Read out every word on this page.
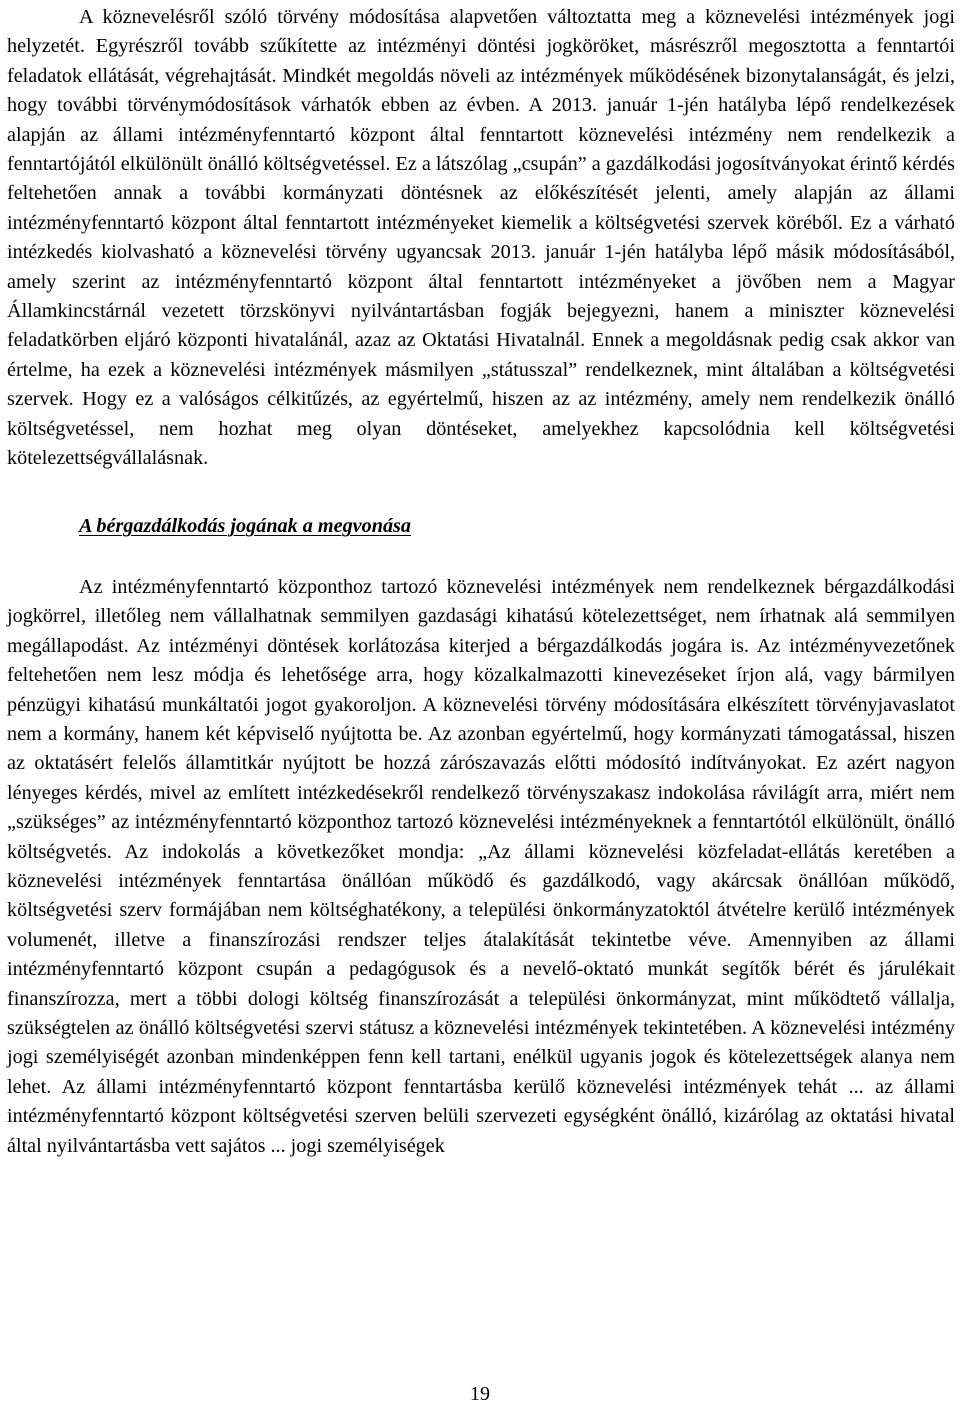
A köznevelésről szóló törvény módosítása alapvetően változtatta meg a köznevelési intézmények jogi helyzetét. Egyrészről tovább szűkítette az intézményi döntési jogköröket, másrészről megosztotta a fenntartói feladatok ellátását, végrehajtását. Mindkét megoldás növeli az intézmények működésének bizonytalanságát, és jelzi, hogy további törvénymódosítások várhatók ebben az évben. A 2013. január 1-jén hatályba lépő rendelkezések alapján az állami intézményfenntartó központ által fenntartott köznevelési intézmény nem rendelkezik a fenntartójától elkülönült önálló költségvetéssel. Ez a látszólag „csupán” a gazdálkodási jogosítványokat érintő kérdés feltehetően annak a további kormányzati döntésnek az előkészítését jelenti, amely alapján az állami intézményfenntartó központ által fenntartott intézményeket kiemelik a költségvetési szervek köréből. Ez a várható intézkedés kiolvasható a köznevelési törvény ugyancsak 2013. január 1-jén hatályba lépő másik módosításából, amely szerint az intézményfenntartó központ által fenntartott intézményeket a jövőben nem a Magyar Államkincstárnál vezetett törzskönyvi nyilvántartásban fogják bejegyezni, hanem a miniszter köznevelési feladatkörben eljáró központi hivatalánál, azaz az Oktatási Hivatalnál. Ennek a megoldásnak pedig csak akkor van értelme, ha ezek a köznevelési intézmények másmilyen „státusszal” rendelkeznek, mint általában a költségvetési szervek. Hogy ez a valóságos célkitűzés, az egyértelmű, hiszen az az intézmény, amely nem rendelkezik önálló költségvetéssel, nem hozhat meg olyan döntéseket, amelyekhez kapcsolódnia kell költségvetési kötelezettségvállalásnak.

A bérgazdálkodás jogának a megvonása

Az intézményfenntartó központhoz tartozó köznevelési intézmények nem rendelkeznek bérgazdálkodási jogkörrel, illetőleg nem vállalhatnak semmilyen gazdasági kihatású kötelezettséget, nem írhatnak alá semmilyen megállapodást. Az intézményi döntések korlátozása kiterjed a bérgazdálkodás jogára is. Az intézményvezetőnek feltehetően nem lesz módja és lehetősége arra, hogy közalkalmazotti kinevezéseket írjon alá, vagy bármilyen pénzügyi kihatású munkáltatói jogot gyakoroljon. A köznevelési törvény módosítására elkészített törvényjavaslatot nem a kormány, hanem két képviselő nyújtotta be. Az azonban egyértelmű, hogy kormányzati támogatással, hiszen az oktatásért felelős államtitkár nyújtott be hozzá zárószavazás előtti módosító indítványokat. Ez azért nagyon lényeges kérdés, mivel az említett intézkedésekről rendelkező törvényszakasz indokolása rávilágít arra, miért nem „szükséges” az intézményfenntartó központhoz tartozó köznevelési intézményeknek a fenntartótól elkülönült, önálló költségvetés. Az indokolás a következőket mondja: „Az állami köznevelési közfeladat-ellátás keretében a köznevelési intézmények fenntartása önállóan működő és gazdálkodó, vagy akárcsak önállóan működő, költségvetési szerv formájában nem költséghatékony, a települési önkormányzatoktól átvételre kerülő intézmények volumenét, illetve a finanszírozási rendszer teljes átalakítását tekintetbe véve. Amennyiben az állami intézményfenntartó központ csupán a pedagógusok és a nevelő-oktató munkát segítők bérét és járulékait finanszírozza, mert a többi dologi költség finanszírozását a települési önkormányzat, mint működtető vállalja, szükségtelen az önálló költségvetési szervi státusz a köznevelési intézmények tekintetében. A köznevelési intézmény jogi személyiségét azonban mindenképpen fenn kell tartani, enélkül ugyanis jogok és kötelezettségek alanya nem lehet. Az állami intézményfenntartó központ fenntartásba kerülő köznevelési intézmények tehát ... az állami intézményfenntartó központ költségvetési szerven belüli szervezeti egységként önálló, kizárólag az oktatási hivatal által nyilvántartásba vett sajátos ... jogi személyiségek

19
